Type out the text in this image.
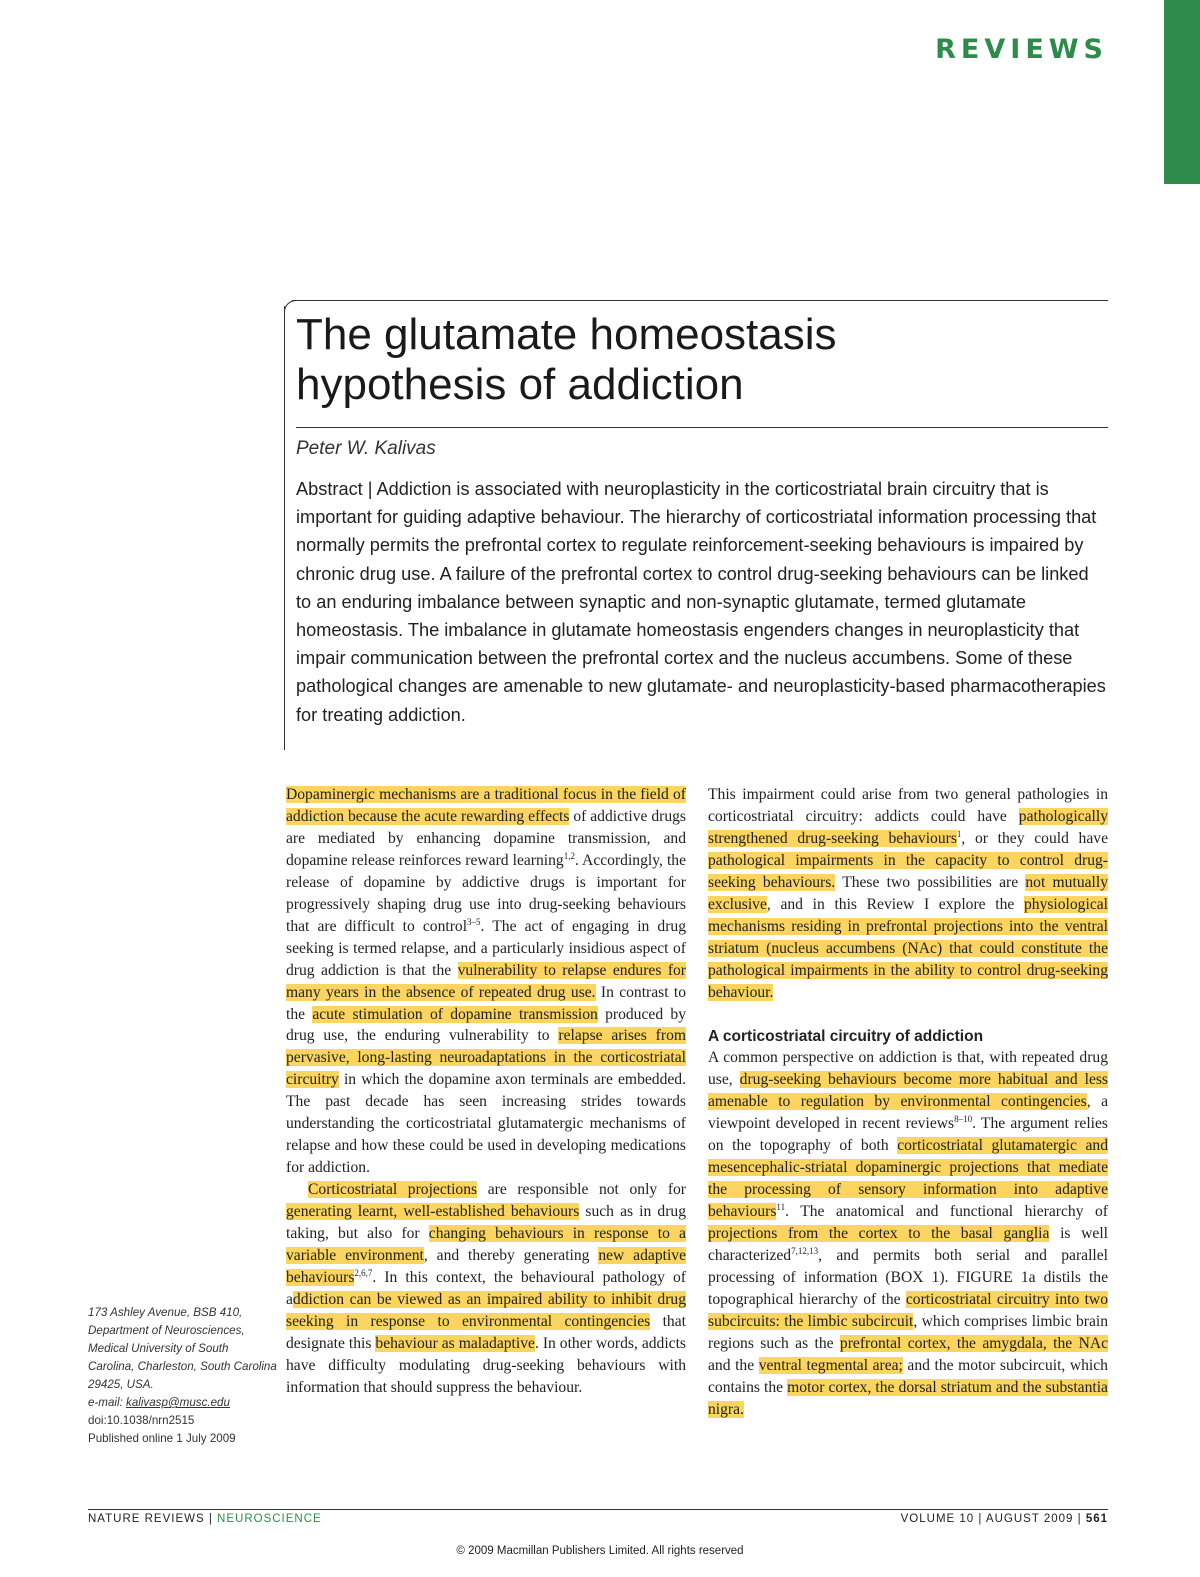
REVIEWS
The glutamate homeostasis
hypothesis of addiction
Peter W. Kalivas
Abstract | Addiction is associated with neuroplasticity in the corticostriatal brain circuitry that is important for guiding adaptive behaviour. The hierarchy of corticostriatal information processing that normally permits the prefrontal cortex to regulate reinforcement-seeking behaviours is impaired by chronic drug use. A failure of the prefrontal cortex to control drug-seeking behaviours can be linked to an enduring imbalance between synaptic and non-synaptic glutamate, termed glutamate homeostasis. The imbalance in glutamate homeostasis engenders changes in neuroplasticity that impair communication between the prefrontal cortex and the nucleus accumbens. Some of these pathological changes are amenable to new glutamate- and neuroplasticity-based pharmacotherapies for treating addiction.

Dopaminergic mechanisms are a traditional focus in the field of addiction because the acute rewarding effects of addictive drugs are mediated by enhancing dopamine transmission, and dopamine release reinforces reward learning$^{1,2}$. Accordingly, the release of dopamine by addictive drugs is important for progressively shaping drug use into drug-seeking behaviours that are difficult to control$^{3-5}$. The act of engaging in drug seeking is termed relapse, and a particularly insidious aspect of drug addiction is that the vulnerability to relapse endures for many years in the absence of repeated drug use. In contrast to the acute stimulation of dopamine transmission produced by drug use, the enduring vulnerability to relapse arises from pervasive, long-lasting neuroadaptations in the corticostriatal circuitry in which the dopamine axon terminals are embedded. The past decade has seen increasing strides towards understanding the corticostriatal glutamatergic mechanisms of relapse and how these could be used in developing medications for addiction.

Corticostriatal projections are responsible not only for generating learnt, well-established behaviours such as in drug taking, but also for changing behaviours in response to a variable environment, and thereby generating new adaptive behaviours$^{2,6,7}$. In this context, the behavioural pathology of addiction can be viewed as an impaired ability to inhibit drug seeking in response to environmental contingencies that designate this behaviour as maladaptive. In other words, addicts have difficulty modulating drug-seeking behaviours with information that should suppress the behaviour.

This impairment could arise from two general pathologies in corticostriatal circuitry: addicts could have pathologically strengthened drug-seeking behaviours$^1$, or they could have pathological impairments in the capacity to control drug-seeking behaviours. These two possibilities are not mutually exclusive, and in this Review I explore the physiological mechanisms residing in prefrontal projections into the ventral striatum (nucleus accumbens (NAc) that could constitute the pathological impairments in the ability to control drug-seeking behaviour.

A corticostriatal circuitry of addiction

A common perspective on addiction is that, with repeated drug use, drug-seeking behaviours become more habitual and less amenable to regulation by environmental contingencies, a viewpoint developed in recent reviews$^{8-10}$. The argument relies on the topography of both corticostriatal glutamatergic and mesencephalic-striatal dopaminergic projections that mediate the processing of sensory information into adaptive behaviours$^{11}$. The anatomical and functional hierarchy of projections from the cortex to the basal ganglia is well characterized$^{7,12,13}$, and permits both serial and parallel processing of information (BOX 1). FIGURE 1a distils the topographical hierarchy of the corticostriatal circuitry into two subcircuits: the limbic subcircuit, which comprises limbic brain regions such as the prefrontal cortex, the amygdala, the NAc and the ventral tegmental area; and the motor subcircuit, which contains the motor cortex, the dorsal striatum and the substantia nigra.

173 Ashley Avenue, BSB 410, Department of Neurosciences, Medical University of South Carolina, Charleston, South Carolina 29425, USA.
e-mail: kalivasp@musc.edu
doi:10.1038/nrn2515
Published online 1 July 2009
NATURE REVIEWS | NEUROSCIENCE	VOLUME 10 | AUGUST 2009 | 561
© 2009 Macmillan Publishers Limited. All rights reserved
